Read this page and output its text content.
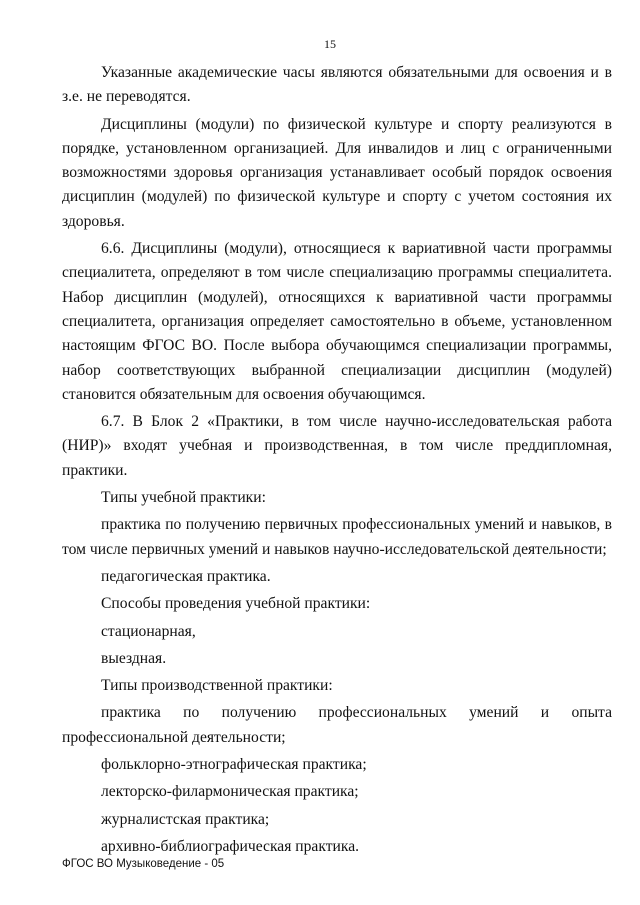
15

Указанные академические часы являются обязательными для освоения и в з.е. не переводятся.

Дисциплины (модули) по физической культуре и спорту реализуются в порядке, установленном организацией. Для инвалидов и лиц с ограниченными возможностями здоровья организация устанавливает особый порядок освоения дисциплин (модулей) по физической культуре и спорту с учетом состояния их здоровья.

6.6. Дисциплины (модули), относящиеся к вариативной части программы специалитета, определяют в том числе специализацию программы специалитета. Набор дисциплин (модулей), относящихся к вариативной части программы специалитета, организация определяет самостоятельно в объеме, установленном настоящим ФГОС ВО. После выбора обучающимся специализации программы, набор соответствующих выбранной специализации дисциплин (модулей) становится обязательным для освоения обучающимся.

6.7. В Блок 2 «Практики, в том числе научно-исследовательская работа (НИР)» входят учебная и производственная, в том числе преддипломная, практики.

Типы учебной практики:

практика по получению первичных профессиональных умений и навыков, в том числе первичных умений и навыков научно-исследовательской деятельности;

педагогическая практика.

Способы проведения учебной практики:

стационарная,

выездная.

Типы производственной практики:

практика по получению профессиональных умений и опыта профессиональной деятельности;

фольклорно-этнографическая практика;

лекторско-филармоническая практика;

журналистская практика;

архивно-библиографическая практика.

ФГОС ВО Музыковедение - 05
